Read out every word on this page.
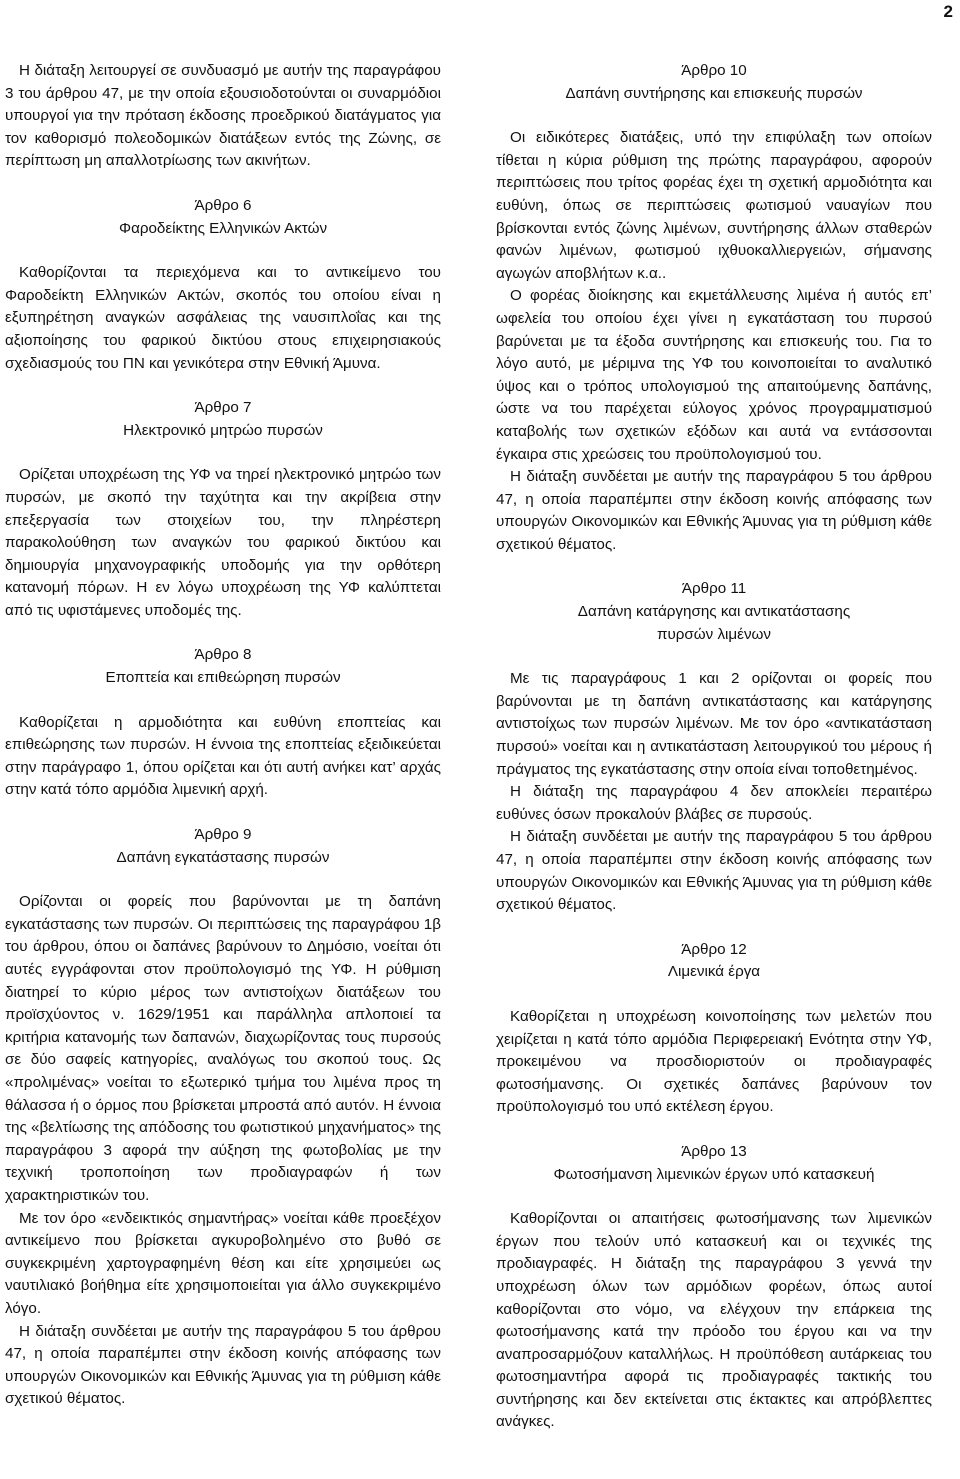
2

Η διάταξη λειτουργεί σε συνδυασμό με αυτήν της παραγράφου 3 του άρθρου 47, με την οποία εξουσιοδοτούνται οι συναρμόδιοι υπουργοί για την πρόταση έκδοσης προεδρικού διατάγματος για τον καθορισμό πολεοδομικών διατάξεων εντός της Ζώνης, σε περίπτωση μη απαλλοτρίωσης των ακινήτων.

Άρθρο 6

Φαροδείκτης Ελληνικών Ακτών

Καθορίζονται τα περιεχόμενα και το αντικείμενο του Φαροδείκτη Ελληνικών Ακτών, σκοπός του οποίου είναι η εξυπηρέτηση αναγκών ασφάλειας της ναυσιπλοΐας και της αξιοποίησης του φαρικού δικτύου στους επιχειρησιακούς σχεδιασμούς του ΠΝ και γενικότερα στην Εθνική Άμυνα.

Άρθρο 7

Ηλεκτρονικό μητρώο πυρσών

Ορίζεται υποχρέωση της ΥΦ να τηρεί ηλεκτρονικό μητρώο των πυρσών, με σκοπό την ταχύτητα και την ακρίβεια στην επεξεργασία των στοιχείων του, την πληρέστερη παρακολούθηση των αναγκών του φαρικού δικτύου και δημιουργία μηχανογραφικής υποδομής για την ορθότερη κατανομή πόρων. Η εν λόγω υποχρέωση της ΥΦ καλύπτεται από τις υφιστάμενες υποδομές της.

Άρθρο 8

Εποπτεία και επιθεώρηση πυρσών

Καθορίζεται η αρμοδιότητα και ευθύνη εποπτείας και επιθεώρησης των πυρσών. Η έννοια της εποπτείας εξειδικεύεται στην παράγραφο 1, όπου ορίζεται και ότι αυτή ανήκει κατ’ αρχάς στην κατά τόπο αρμόδια λιμενική αρχή.

Άρθρο 9

Δαπάνη εγκατάστασης πυρσών

Ορίζονται οι φορείς που βαρύνονται με τη δαπάνη εγκατάστασης των πυρσών. Οι περιπτώσεις της παραγράφου 1β του άρθρου, όπου οι δαπάνες βαρύνουν το Δημόσιο, νοείται ότι αυτές εγγράφονται στον προϋπολογισμό της ΥΦ. Η ρύθμιση διατηρεί το κύριο μέρος των αντιστοίχων διατάξεων του προϊσχύοντος ν. 1629/1951 και παράλληλα απλοποιεί τα κριτήρια κατανομής των δαπανών, διαχωρίζοντας τους πυρσούς σε δύο σαφείς κατηγορίες, αναλόγως του σκοπού τους. Ως «προλιμένας» νοείται το εξωτερικό τμήμα του λιμένα προς τη θάλασσα ή ο όρμος που βρίσκεται μπροστά από αυτόν. Η έννοια της «βελτίωσης της απόδοσης του φωτιστικού μηχανήματος» της παραγράφου 3 αφορά την αύξηση της φωτοβολίας με την τεχνική τροποποίηση των προδιαγραφών ή των χαρακτηριστικών του.

Με τον όρο «ενδεικτικός σημαντήρας» νοείται κάθε προεξέχον αντικείμενο που βρίσκεται αγκυροβολημένο στο βυθό σε συγκεκριμένη χαρτογραφημένη θέση και είτε χρησιμεύει ως ναυτιλιακό βοήθημα είτε χρησιμοποιείται για άλλο συγκεκριμένο λόγο.

Η διάταξη συνδέεται με αυτήν της παραγράφου 5 του άρθρου 47, η οποία παραπέμπει στην έκδοση κοινής απόφασης των υπουργών Οικονομικών και Εθνικής Άμυνας για τη ρύθμιση κάθε σχετικού θέματος.

Άρθρο 10

Δαπάνη συντήρησης και επισκευής πυρσών

Οι ειδικότερες διατάξεις, υπό την επιφύλαξη των οποίων τίθεται η κύρια ρύθμιση της πρώτης παραγράφου, αφορούν περιπτώσεις που τρίτος φορέας έχει τη σχετική αρμοδιότητα και ευθύνη, όπως σε περιπτώσεις φωτισμού ναυαγίων που βρίσκονται εντός ζώνης λιμένων, συντήρησης άλλων σταθερών φανών λιμένων, φωτισμού ιχθυοκαλλιεργειών, σήμανσης αγωγών αποβλήτων κ.α..

Ο φορέας διοίκησης και εκμετάλλευσης λιμένα ή αυτός επ’ ωφελεία του οποίου έχει γίνει η εγκατάσταση του πυρσού βαρύνεται με τα έξοδα συντήρησης και επισκευής του. Για το λόγο αυτό, με μέριμνα της ΥΦ του κοινοποιείται το αναλυτικό ύψος και ο τρόπος υπολογισμού της απαιτούμενης δαπάνης, ώστε να του παρέχεται εύλογος χρόνος προγραμματισμού καταβολής των σχετικών εξόδων και αυτά να εντάσσονται έγκαιρα στις χρεώσεις του προϋπολογισμού του.

Η διάταξη συνδέεται με αυτήν της παραγράφου 5 του άρθρου 47, η οποία παραπέμπει στην έκδοση κοινής απόφασης των υπουργών Οικονομικών και Εθνικής Άμυνας για τη ρύθμιση κάθε σχετικού θέματος.

Άρθρο 11

Δαπάνη κατάργησης και αντικατάστασης πυρσών λιμένων

Με τις παραγράφους 1 και 2 ορίζονται οι φορείς που βαρύνονται με τη δαπάνη αντικατάστασης και κατάργησης αντιστοίχως των πυρσών λιμένων. Με τον όρο «αντικατάσταση πυρσού» νοείται και η αντικατάσταση λειτουργικού του μέρους ή πράγματος της εγκατάστασης στην οποία είναι τοποθετημένος.

Η διάταξη της παραγράφου 4 δεν αποκλείει περαιτέρω ευθύνες όσων προκαλούν βλάβες σε πυρσούς.

Η διάταξη συνδέεται με αυτήν της παραγράφου 5 του άρθρου 47, η οποία παραπέμπει στην έκδοση κοινής απόφασης των υπουργών Οικονομικών και Εθνικής Άμυνας για τη ρύθμιση κάθε σχετικού θέματος.

Άρθρο 12

Λιμενικά έργα

Καθορίζεται η υποχρέωση κοινοποίησης των μελετών που χειρίζεται η κατά τόπο αρμόδια Περιφερειακή Ενότητα στην ΥΦ, προκειμένου να προσδιοριστούν οι προδιαγραφές φωτοσήμανσης. Οι σχετικές δαπάνες βαρύνουν τον προϋπολογισμό του υπό εκτέλεση έργου.

Άρθρο 13

Φωτοσήμανση λιμενικών έργων υπό κατασκευή

Καθορίζονται οι απαιτήσεις φωτοσήμανσης των λιμενικών έργων που τελούν υπό κατασκευή και οι τεχνικές της προδιαγραφές. Η διάταξη της παραγράφου 3 γεννά την υποχρέωση όλων των αρμόδιων φορέων, όπως αυτοί καθορίζονται στο νόμο, να ελέγχουν την επάρκεια της φωτοσήμανσης κατά την πρόοδο του έργου και να την αναπροσαρμόζουν καταλλήλως. Η προϋπόθεση αυτάρκειας του φωτοσημαντήρα αφορά τις προδιαγραφές τακτικής του συντήρησης και δεν εκτείνεται στις έκτακτες και απρόβλεπτες ανάγκες.
